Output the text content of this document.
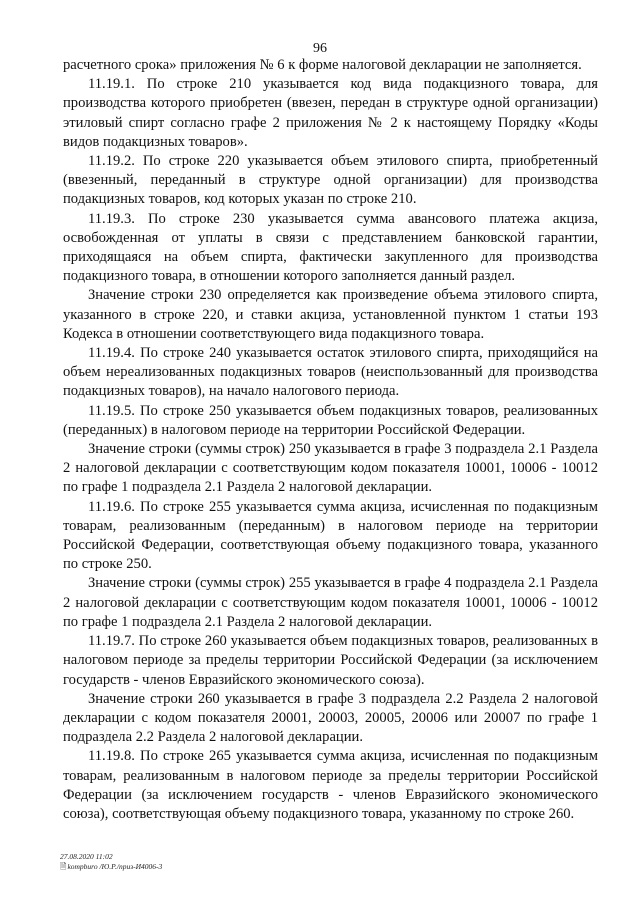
96

расчетного срока» приложения № 6 к форме налоговой декларации не заполняется.

11.19.1. По строке 210 указывается код вида подакцизного товара, для производства которого приобретен (ввезен, передан в структуре одной организации) этиловый спирт согласно графе 2 приложения № 2 к настоящему Порядку «Коды видов подакцизных товаров».

11.19.2. По строке 220 указывается объем этилового спирта, приобретенный (ввезенный, переданный в структуре одной организации) для производства подакцизных товаров, код которых указан по строке 210.

11.19.3. По строке 230 указывается сумма авансового платежа акциза, освобожденная от уплаты в связи с представлением банковской гарантии, приходящаяся на объем спирта, фактически закупленного для производства подакцизного товара, в отношении которого заполняется данный раздел.

Значение строки 230 определяется как произведение объема этилового спирта, указанного в строке 220, и ставки акциза, установленной пунктом 1 статьи 193 Кодекса в отношении соответствующего вида подакцизного товара.

11.19.4. По строке 240 указывается остаток этилового спирта, приходящийся на объем нереализованных подакцизных товаров (неиспользованный для производства подакцизных товаров), на начало налогового периода.

11.19.5. По строке 250 указывается объем подакцизных товаров, реализованных (переданных) в налоговом периоде на территории Российской Федерации.

Значение строки (суммы строк) 250 указывается в графе 3 подраздела 2.1 Раздела 2 налоговой декларации с соответствующим кодом показателя 10001, 10006 - 10012 по графе 1 подраздела 2.1 Раздела 2 налоговой декларации.

11.19.6. По строке 255 указывается сумма акциза, исчисленная по подакцизным товарам, реализованным (переданным) в налоговом периоде на территории Российской Федерации, соответствующая объему подакцизного товара, указанного по строке 250.

Значение строки (суммы строк) 255 указывается в графе 4 подраздела 2.1 Раздела 2 налоговой декларации с соответствующим кодом показателя 10001, 10006 - 10012 по графе 1 подраздела 2.1 Раздела 2 налоговой декларации.

11.19.7. По строке 260 указывается объем подакцизных товаров, реализованных в налоговом периоде за пределы территории Российской Федерации (за исключением государств - членов Евразийского экономического союза).

Значение строки 260 указывается в графе 3 подраздела 2.2 Раздела 2 налоговой декларации с кодом показателя 20001, 20003, 20005, 20006 или 20007 по графе 1 подраздела 2.2 Раздела 2 налоговой декларации.

11.19.8. По строке 265 указывается сумма акциза, исчисленная по подакцизным товарам, реализованным в налоговом периоде за пределы территории Российской Федерации (за исключением государств - членов Евразийского экономического союза), соответствующая объему подакцизного товара, указанному по строке 260.

27.08.2020 11:02
🗎kompburo /Ю.Р./приз-И4006-3
